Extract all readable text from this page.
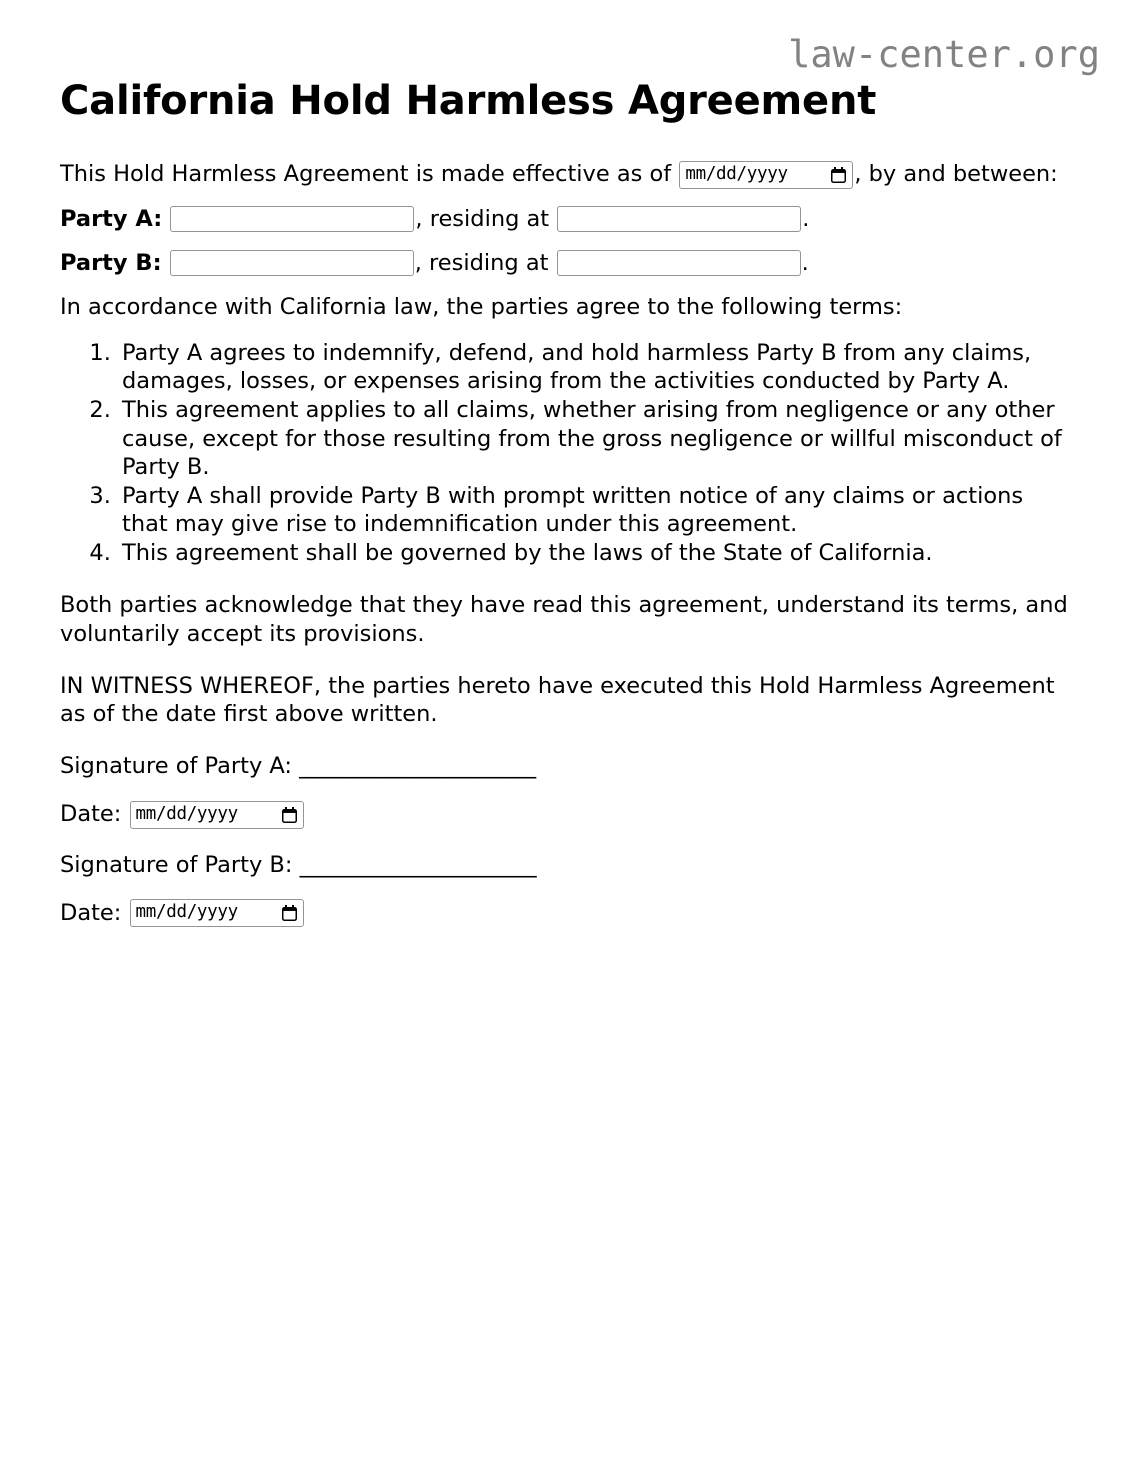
law-center.org
California Hold Harmless Agreement

This Hold Harmless Agreement is made effective as of mm/dd/yyyy	, by and between:

Party A:	, residing at	.
Party B:	, residing at	.

In accordance with California law, the parties agree to the following terms:

1. Party A agrees to indemnify, defend, and hold harmless Party B from any claims, damages, losses, or expenses arising from the activities conducted by Party A.
2. This agreement applies to all claims, whether arising from negligence or any other cause, except for those resulting from the gross negligence or willful misconduct of Party B.
3. Party A shall provide Party B with prompt written notice of any claims or actions that may give rise to indemnification under this agreement.
4. This agreement shall be governed by the laws of the State of California.

Both parties acknowledge that they have read this agreement, understand its terms, and voluntarily accept its provisions.

IN WITNESS WHEREOF, the parties hereto have executed this Hold Harmless Agreement as of the date first above written.

Signature of Party A: ______________________
Date: mm/dd/yyyy
Signature of Party B: ______________________
Date: mm/dd/yyyy
